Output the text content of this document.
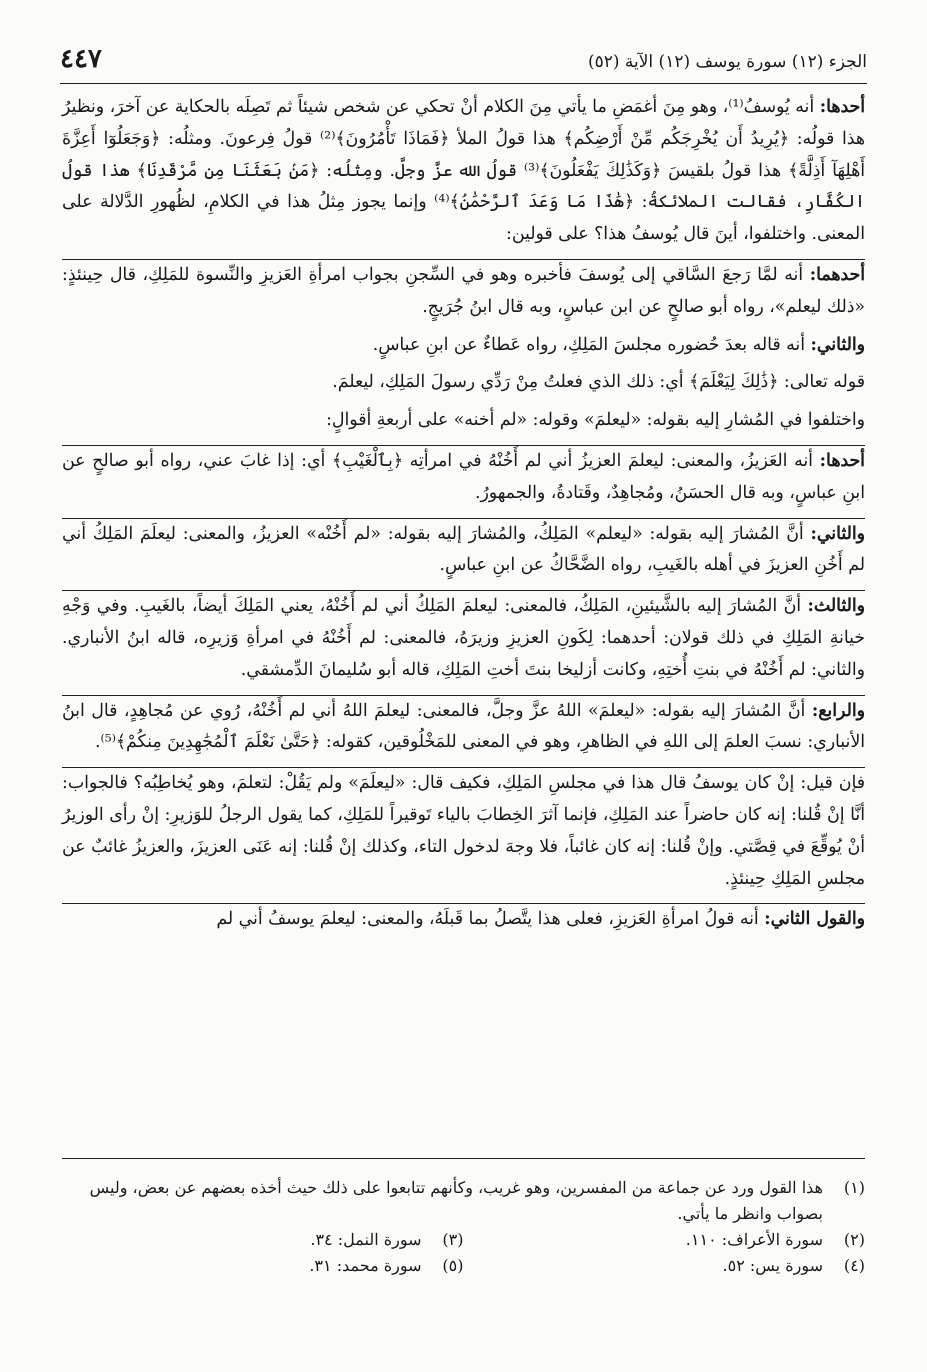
الجزء (١٢) سورة يوسف (١٢) الآية (٥٢)
٤٤٧

أحدها: أنه يُوسفُ⁽¹⁾، وهو مِنَ أغمَضِ ما يأتي مِنَ الكلام أنْ تحكي عن شخص شيئاً ثم تَصِلَه بالحكاية عن آخرَ، ونظيرُ هذا قولُه: ﴿يُرِيدُ أَن يُخْرِجَكُم مِّنْ أَرْضِكُم﴾ هذا قولُ الملأ ﴿فَمَاذَا تَأْمُرُونَ﴾⁽²⁾ قولُ فِرعونَ. ومثلُه: ﴿وَجَعَلُوٓا أَعِزَّةَ أَهْلِهَآ أَذِلَّةً﴾ هذا قولُ بلقيسَ ﴿وَكَذَٰلِكَ يَفْعَلُونَ﴾⁽³⁾ قولُ الله عزَّ وجلَّ. ومِثلُه: ﴿مَنۢ بَعَثَنَا مِن مَّرْقَدِنَا﴾ هذا قولُ الكُفَّارِ، فقالت الملائكةُ: ﴿هَٰذَا مَا وَعَدَ ٱلرَّحْمَٰنُ﴾⁽⁴⁾ وإنما يجوز مِثلُ هذا في الكلامِ، لظُهورِ الدَّلالة على المعنى. واختلفوا، أينَ قال يُوسفُ هذا؟ على قولين:

أحدهما: أنه لمَّا رَجعَ السَّاقي إلى يُوسفَ فأخبره وهو في السِّجنِ بجواب امرأةِ العَزيزِ والنِّسوة للمَلِكِ، قال حِينئذٍ: «ذلك ليعلم»، رواه أبو صالحٍ عن ابن عباسٍ، وبه قال ابنُ جُرَيجٍ.

والثاني: أنه قاله بعدَ حُضوره مجلسَ المَلِكِ، رواه عَطاءٌ عن ابنِ عباسٍ.

قوله تعالى: ﴿ذَٰلِكَ لِيَعْلَمَ﴾ أي: ذلك الذي فعلتُ مِنْ رَدِّي رسولَ المَلِكِ، ليعلمَ.

واختلفوا في المُشارِ إليه بقوله: «ليعلمَ» وقوله: «لم أخنه» على أربعةِ أقوالٍ:

أحدها: أنه العَزيزُ، والمعنى: ليعلمَ العزيزُ أني لم أَخُنْهُ في امرأتِه ﴿بِٱلْغَيْبِ﴾ أي: إذا غابَ عني، رواه أبو صالحٍ عن ابنِ عباسٍ، وبه قال الحسَنُ، ومُجاهِدٌ، وقَتادةُ، والجمهورُ.

والثاني: أنَّ المُشارَ إليه بقوله: «ليعلم» المَلِكُ، والمُشارَ إليه بقوله: «لم أَخُنْه» العزيزُ، والمعنى: ليعلَمَ المَلِكُ أني لم أَخُنِ العزيزَ في أهله بالغَيبِ، رواه الضَّحَّاكُ عن ابنِ عباسٍ.

والثالث: أنَّ المُشارَ إليه بالشَّيئينِ، المَلِكُ، فالمعنى: ليعلمَ المَلِكُ أني لم أَخُنْهُ، يعني المَلِكَ أيضاً، بالغَيبِ. وفي وَجْهِ خيانةِ المَلِكِ في ذلك قولان: أحدهما: لِكَونِ العزيزِ وزيرَهُ، فالمعنى: لم أَخُنْهُ في امرأةِ وَزيرِه، قاله ابنُ الأنباري. والثاني: لم أَخُنْهُ في بنتِ أُختِهِ، وكانت أزليخا بنتَ أختِ المَلِكِ، قاله أبو سُليمانَ الدِّمشقي.

والرابع: أنَّ المُشارَ إليه بقوله: «ليعلمَ» اللهُ عزَّ وجلَّ، فالمعنى: ليعلمَ اللهُ أني لم أَخُنْهُ، رُوي عن مُجاهِدٍ، قال ابنُ الأنباري: نسبَ العلمَ إلى اللهِ في الظاهرِ، وهو في المعنى للمَخْلُوقين، كقوله: ﴿حَتَّىٰ نَعْلَمَ ٱلْمُجَٰهِدِينَ مِنكُمْ﴾⁽⁵⁾.

فإن قيل: إنْ كان يوسفُ قال هذا في مجلسِ المَلِكِ، فكيف قال: «ليعلَمَ» ولم يَقُلْ: لتعلمَ، وهو يُخاطِبُه؟ فالجواب: أنَّا إنْ قُلنا: إنه كان حاضراً عند المَلِكِ، فإنما آثرَ الخِطابَ بالياء تَوقيراً للمَلِكِ، كما يقول الرجلُ للوَزيرِ: إنْ رأى الوزيرُ أنْ يُوقِّعَ في قِصَّتي. وإنْ قُلنا: إنه كان غائباً، فلا وجهَ لدخول التاء، وكذلك إنْ قُلنا: إنه عَنَى العزيزَ، والعزيزُ غائبٌ عن مجلسِ المَلِكِ حِينئذٍ.

والقول الثاني: أنه قولُ امرأةِ العَزيزِ، فعلى هذا يتَّصلُ بما قَبلَهُ، والمعنى: ليعلمَ يوسفُ أني لم

(١)
هذا القول ورد عن جماعة من المفسرين، وهو غريب، وكأنهم تتابعوا على ذلك حيث أخذه بعضهم عن بعض، وليس بصواب وانظر ما يأتي.
(٢)
سورة الأعراف: ١١٠.
(٣)
سورة النمل: ٣٤.
(٤)
سورة يس: ٥٢.
(٥)
سورة محمد: ٣١.
